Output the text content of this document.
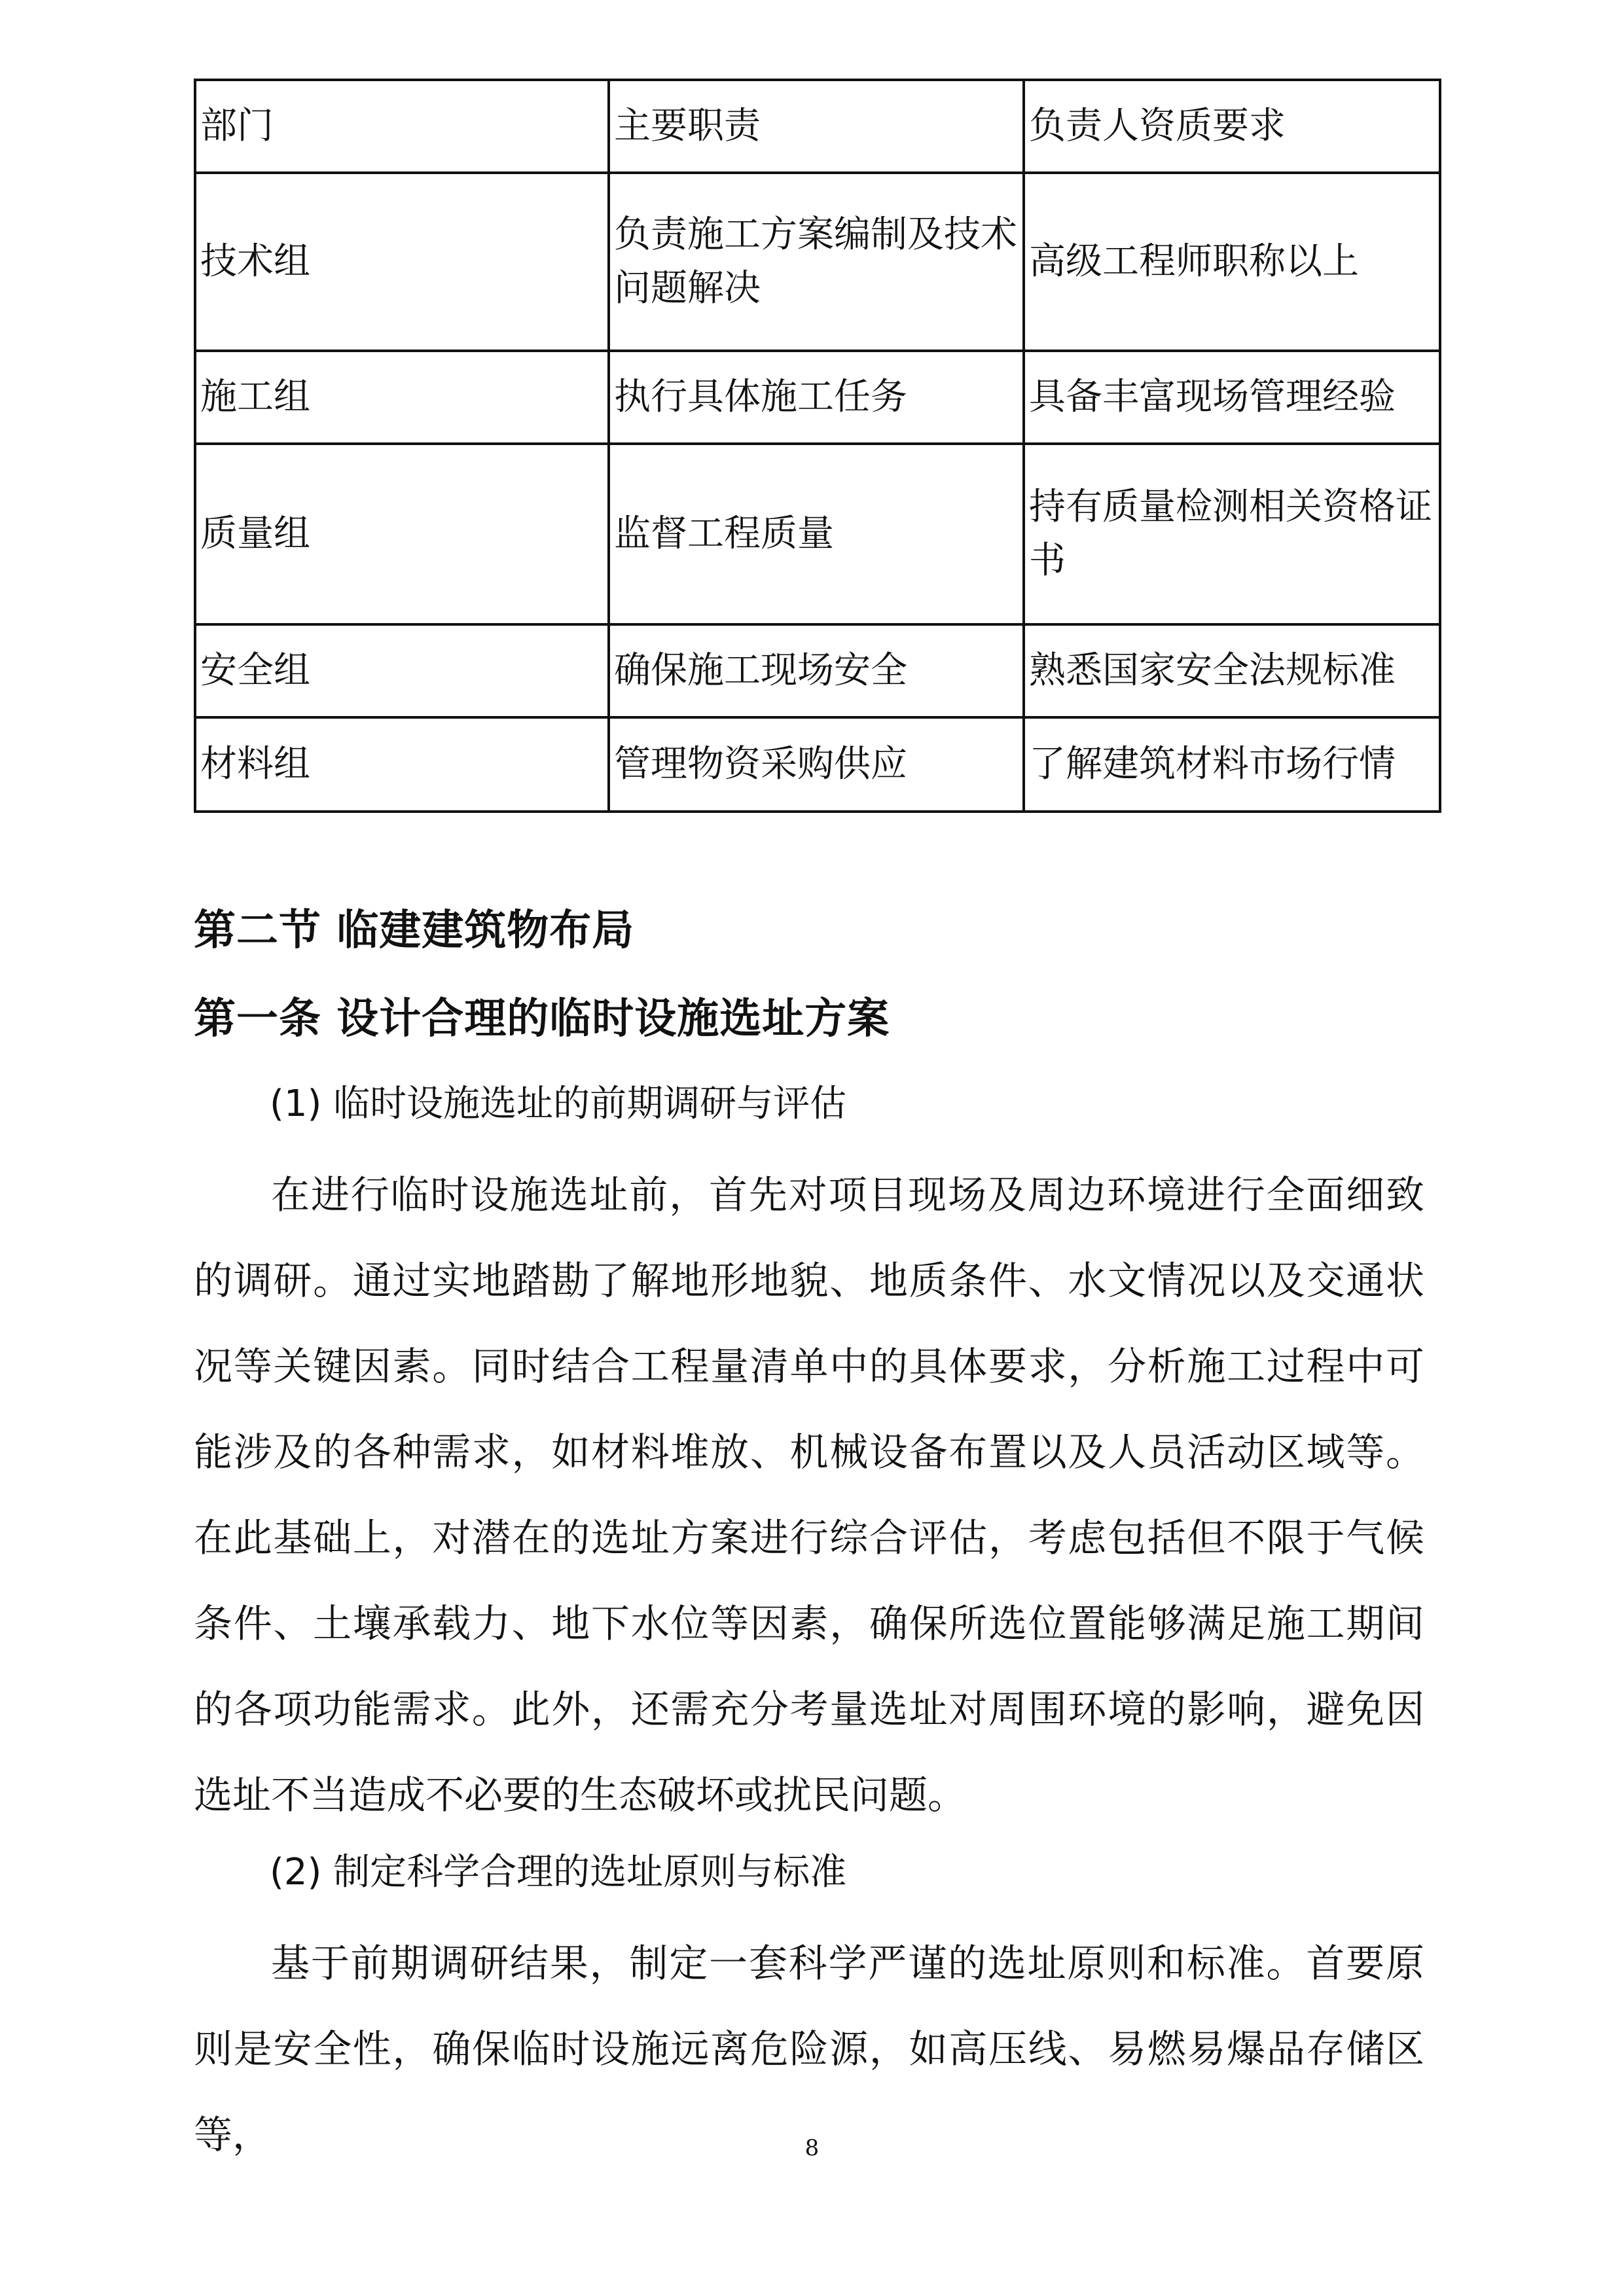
部门	主要职责	负责人资质要求
技术组	负责施工方案编制及技术问题解决	高级工程师职称以上
施工组	执行具体施工任务	具备丰富现场管理经验
质量组	监督工程质量	持有质量检测相关资格证书
安全组	确保施工现场安全	熟悉国家安全法规标准
材料组	管理物资采购供应	了解建筑材料市场行情
第二节 临建建筑物布局
第一条 设计合理的临时设施选址方案

(1) 临时设施选址的前期调研与评估

在进行临时设施选址前，首先对项目现场及周边环境进行全面细致的调研。通过实地踏勘了解地形地貌、地质条件、水文情况以及交通状况等关键因素。同时结合工程量清单中的具体要求，分析施工过程中可能涉及的各种需求，如材料堆放、机械设备布置以及人员活动区域等。在此基础上，对潜在的选址方案进行综合评估，考虑包括但不限于气候条件、土壤承载力、地下水位等因素，确保所选位置能够满足施工期间的各项功能需求。此外，还需充分考量选址对周围环境的影响，避免因选址不当造成不必要的生态破坏或扰民问题。

(2) 制定科学合理的选址原则与标准

基于前期调研结果，制定一套科学严谨的选址原则和标准。首要原则是安全性，确保临时设施远离危险源，如高压线、易燃易爆品存储区等，	8
